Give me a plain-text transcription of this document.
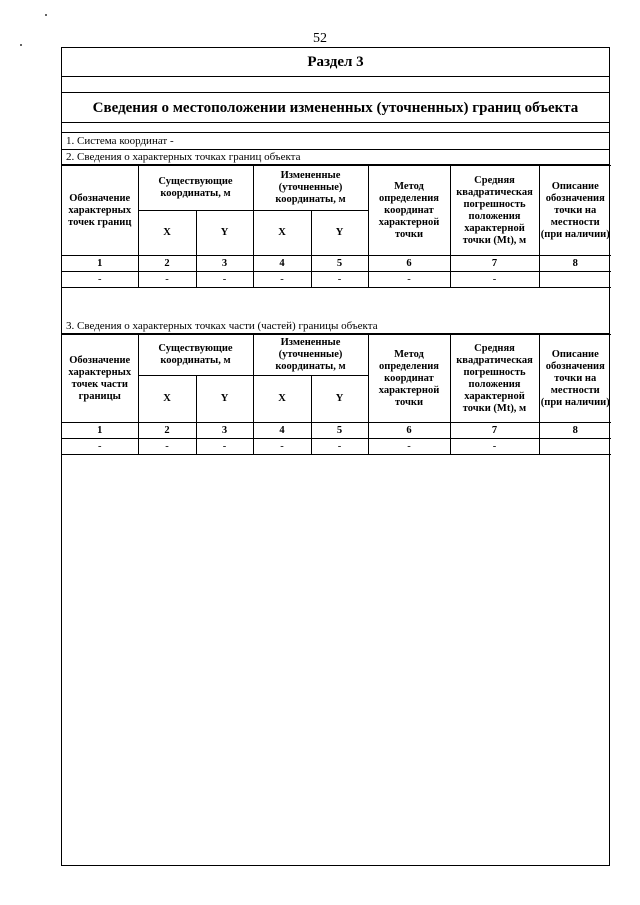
52
Раздел 3
Сведения о местоположении измененных (уточненных) границ объекта
1. Система координат -
2. Сведения о характерных точках границ объекта
Обозначение характерных точек границ	Существующие координаты, м		Измененные (уточненные) координаты, м		Метод определения координат характерной точки	Средняя квадратическая погрешность положения характерной точки (Mt), м	Описание обозначения точки на местности (при наличии)
	X	Y	X	Y			
1	2	3	4	5	6	7	8
-	-	-	-	-	-	-	
3. Сведения о характерных точках части (частей) границы объекта
Обозначение характерных точек части границы	Существующие координаты, м		Измененные (уточненные) координаты, м		Метод определения координат характерной точки	Средняя квадратическая погрешность положения характерной точки (Mt), м	Описание обозначения точки на местности (при наличии)
	X	Y	X	Y			
1	2	3	4	5	6	7	8
-	-	-	-	-	-	-	
